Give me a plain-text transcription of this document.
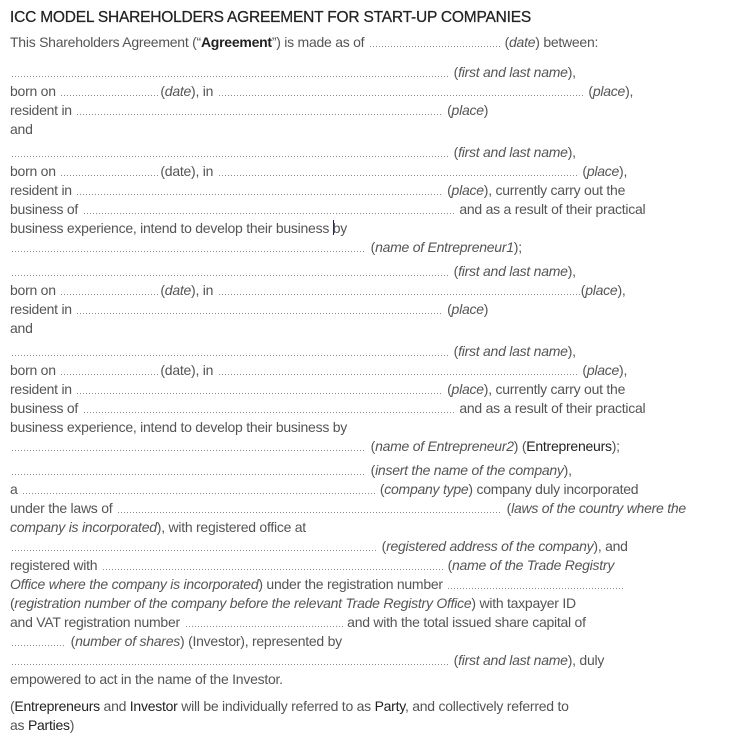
ICC MODEL SHAREHOLDERS AGREEMENT FOR START-UP COMPANIES
This Shareholders Agreement (“Agreement”) is made as of	(date) between:
(first and last name),
born on	(date), in	(place),
resident in	(place)
and
(first and last name),
born on	(date), in	(place),
resident in	(place), currently carry out the
business of	and as a result of their practical
business experience, intend to develop their business by
(name of Entrepreneur1);
(first and last name),
born on	(date), in	(place),
resident in	(place)
and
(first and last name),
born on	(date), in	(place),
resident in	(place), currently carry out the
business of	and as a result of their practical
business experience, intend to develop their business by
(name of Entrepreneur2) (Entrepreneurs);
(insert the name of the company),
a	(company type) company duly incorporated
under the laws of	(laws of the country where the
company is incorporated), with registered office at
(registered address of the company), and
registered with	(name of the Trade Registry
Office where the company is incorporated) under the registration number
(registration number of the company before the relevant Trade Registry Office) with taxpayer ID
and VAT registration number	and with the total issued share capital of
(number of shares) (Investor), represented by
(first and last name), duly
empowered to act in the name of the Investor.
(Entrepreneurs and Investor will be individually referred to as Party, and collectively referred to
as Parties)
